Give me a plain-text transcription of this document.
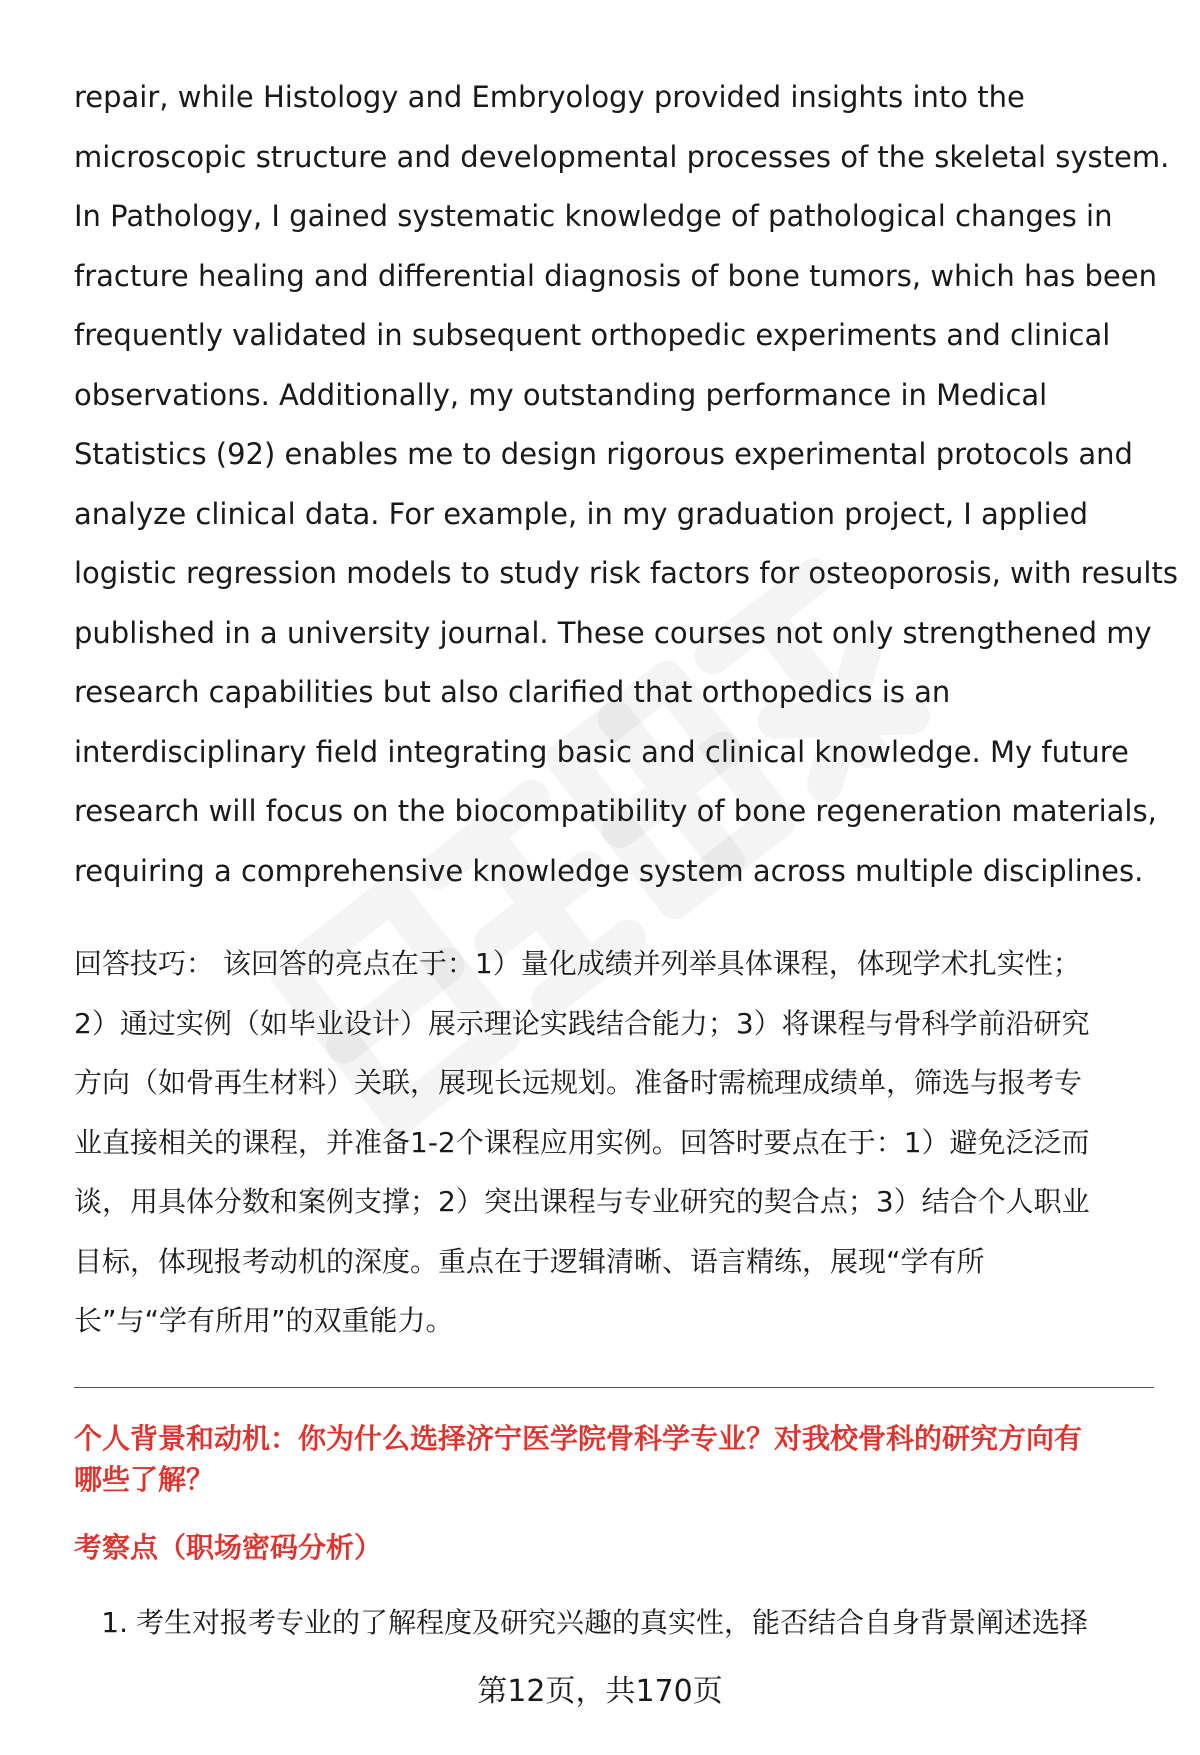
repair, while Histology and Embryology provided insights into the
microscopic structure and developmental processes of the skeletal system.
In Pathology, I gained systematic knowledge of pathological changes in
fracture healing and differential diagnosis of bone tumors, which has been
frequently validated in subsequent orthopedic experiments and clinical
observations. Additionally, my outstanding performance in Medical
Statistics (92) enables me to design rigorous experimental protocols and
analyze clinical data. For example, in my graduation project, I applied
logistic regression models to study risk factors for osteoporosis, with results
published in a university journal. These courses not only strengthened my
research capabilities but also clarified that orthopedics is an
interdisciplinary field integrating basic and clinical knowledge. My future
research will focus on the biocompatibility of bone regeneration materials,
requiring a comprehensive knowledge system across multiple disciplines.
回答技巧： 该回答的亮点在于：1）量化成绩并列举具体课程，体现学术扎实性；
2）通过实例（如毕业设计）展示理论实践结合能力；3）将课程与骨科学前沿研究
方向（如骨再生材料）关联，展现长远规划。准备时需梳理成绩单，筛选与报考专
业直接相关的课程，并准备1-2个课程应用实例。回答时要点在于：1）避免泛泛而
谈，用具体分数和案例支撑；2）突出课程与专业研究的契合点；3）结合个人职业
目标，体现报考动机的深度。重点在于逻辑清晰、语言精练，展现“学有所
长”与“学有所用”的双重能力。
个人背景和动机：你为什么选择济宁医学院骨科学专业？对我校骨科的研究方向有
哪些了解？
考察点（职场密码分析）
1. 考生对报考专业的了解程度及研究兴趣的真实性，能否结合自身背景阐述选择
第12页，共170页
